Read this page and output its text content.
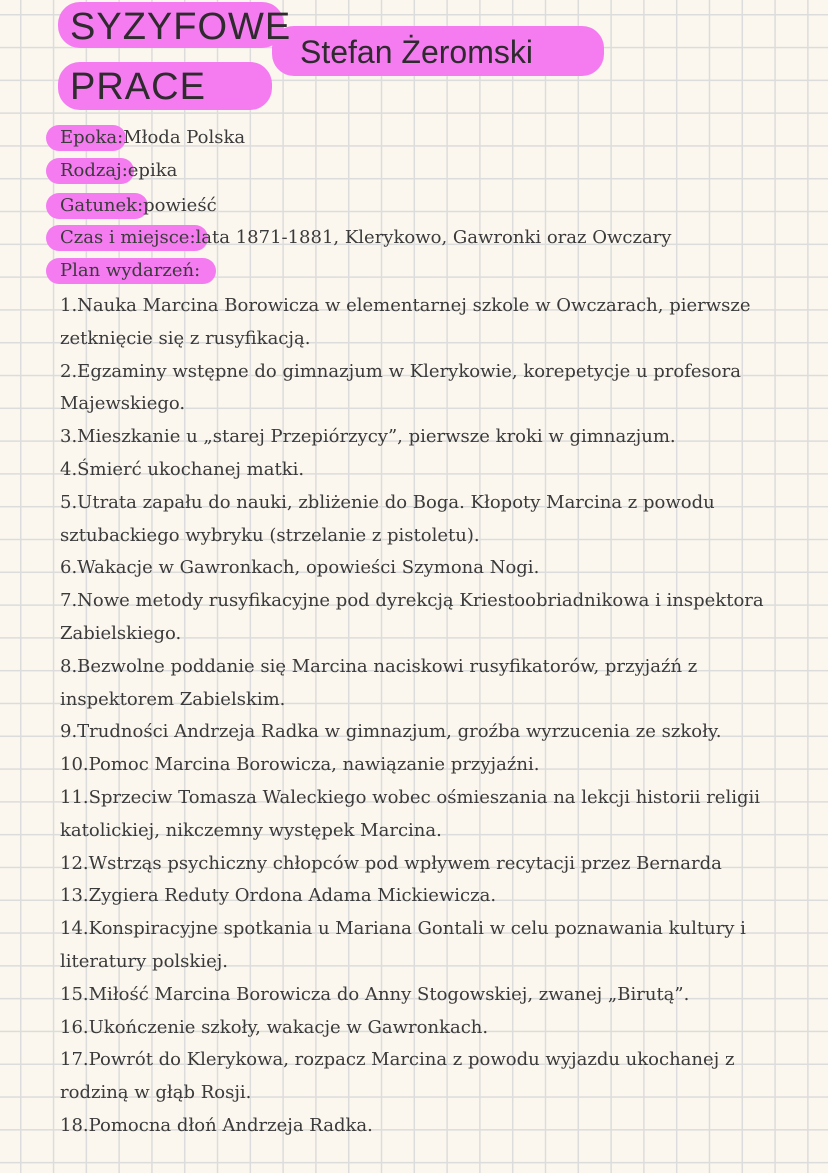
SYZYFOWE
PRACE
Stefan Żeromski
Epoka:Młoda Polska
Rodzaj:epika
Gatunek:powieść
Czas i miejsce:lata 1871-1881, Klerykowo, Gawronki oraz Owczary
Plan wydarzeń:
1.Nauka Marcina Borowicza w elementarnej szkole w Owczarach, pierwsze zetknięcie się z rusyfikacją.
2.Egzaminy wstępne do gimnazjum w Klerykowie, korepetycje u profesora Majewskiego.
3.Mieszkanie u „starej Przepiórzycy”, pierwsze kroki w gimnazjum.
4.Śmierć ukochanej matki.
5.Utrata zapału do nauki, zbliżenie do Boga. Kłopoty Marcina z powodu sztubackiego wybryku (strzelanie z pistoletu).
6.Wakacje w Gawronkach, opowieści Szymona Nogi.
7.Nowe metody rusyfikacyjne pod dyrekcją Kriestoobriadnikowa i inspektora Zabielskiego.
8.Bezwolne poddanie się Marcina naciskowi rusyfikatorów, przyjaźń z inspektorem Zabielskim.
9.Trudności Andrzeja Radka w gimnazjum, groźba wyrzucenia ze szkoły.
10.Pomoc Marcina Borowicza, nawiązanie przyjaźni.
11.Sprzeciw Tomasza Waleckiego wobec ośmieszania na lekcji historii religii katolickiej, nikczemny występek Marcina.
12.Wstrząs psychiczny chłopców pod wpływem recytacji przez Bernarda
13.Zygiera Reduty Ordona Adama Mickiewicza.
14.Konspiracyjne spotkania u Mariana Gontali w celu poznawania kultury i literatury polskiej.
15.Miłość Marcina Borowicza do Anny Stogowskiej, zwanej „Birutą”.
16.Ukończenie szkoły, wakacje w Gawronkach.
17.Powrót do Klerykowa, rozpacz Marcina z powodu wyjazdu ukochanej z rodziną w głąb Rosji.
18.Pomocna dłoń Andrzeja Radka.
